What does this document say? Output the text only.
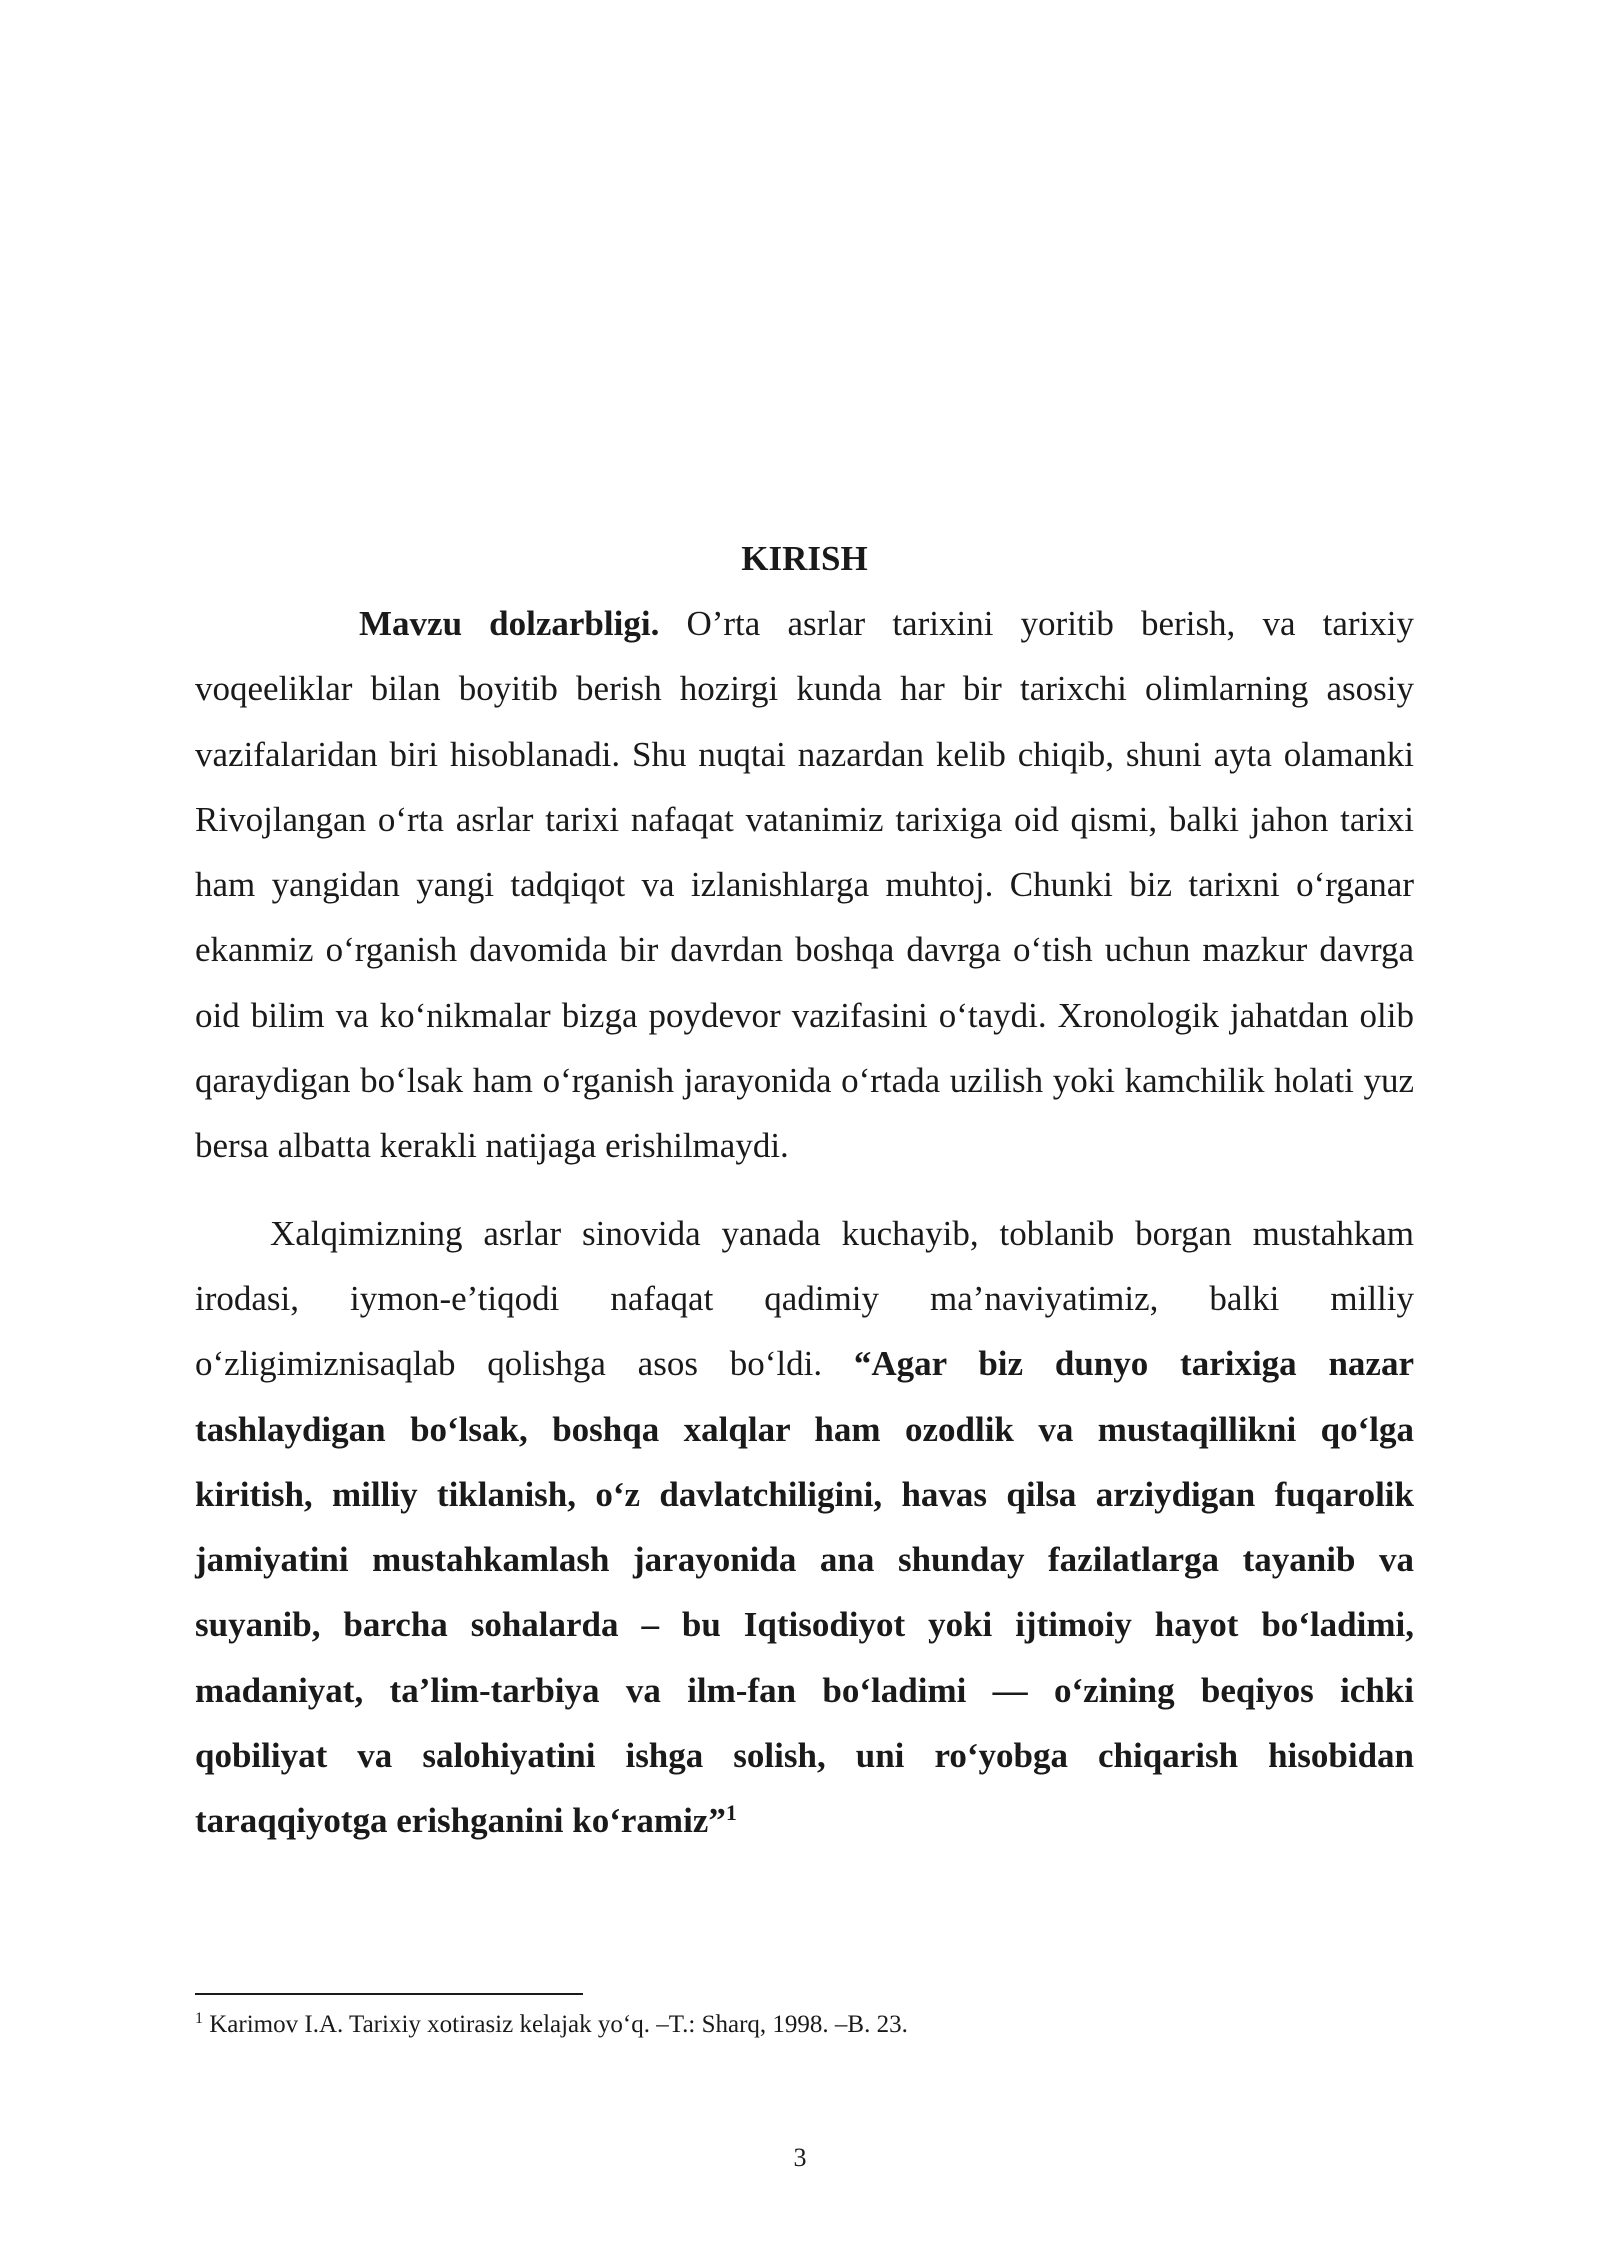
KIRISH

Mavzu dolzarbligi. O’rta asrlar tarixini yoritib berish, va tarixiy voqeeliklar bilan boyitib berish hozirgi kunda har bir tarixchi olimlarning asosiy vazifalaridan biri hisoblanadi. Shu nuqtai nazardan kelib chiqib, shuni ayta olamanki Rivojlangan o‘rta asrlar tarixi nafaqat vatanimiz tarixiga oid qismi, balki jahon tarixi ham yangidan yangi tadqiqot va izlanishlarga muhtoj. Chunki biz tarixni o‘rganar ekanmiz o‘rganish davomida bir davrdan boshqa davrga o‘tish uchun mazkur davrga oid bilim va ko‘nikmalar bizga poydevor vazifasini o‘taydi. Xronologik jahatdan olib qaraydigan bo‘lsak ham o‘rganish jarayonida o‘rtada uzilish yoki kamchilik holati yuz bersa albatta kerakli natijaga erishilmaydi.

Xalqimizning asrlar sinovida yanada kuchayib, toblanib borgan mustahkam irodasi, iymon-e’tiqodi nafaqat qadimiy ma’naviyatimiz, balki milliy o‘zligimiznisaqlab qolishga asos bo‘ldi. “Agar biz dunyo tarixiga nazar tashlaydigan bo‘lsak, boshqa xalqlar ham ozodlik va mustaqillikni qo‘lga kiritish, milliy tiklanish, o‘z davlatchiligini, havas qilsa arziydigan fuqarolik jamiyatini mustahkamlash jarayonida ana shunday fazilatlarga tayanib va suyanib, barcha sohalarda – bu Iqtisodiyot yoki ijtimoiy hayot bo‘ladimi, madaniyat, ta’lim-tarbiya va ilm-fan bo‘ladimi — o‘zining beqiyos ichki qobiliyat va salohiyatini ishga solish, uni ro‘yobga chiqarish hisobidan taraqqiyotga erishganini ko‘ramiz”$^1$

$^1$ Karimov I.A. Tarixiy xotirasiz kelajak yo‘q. –T.: Sharq, 1998. –B. 23.

3
